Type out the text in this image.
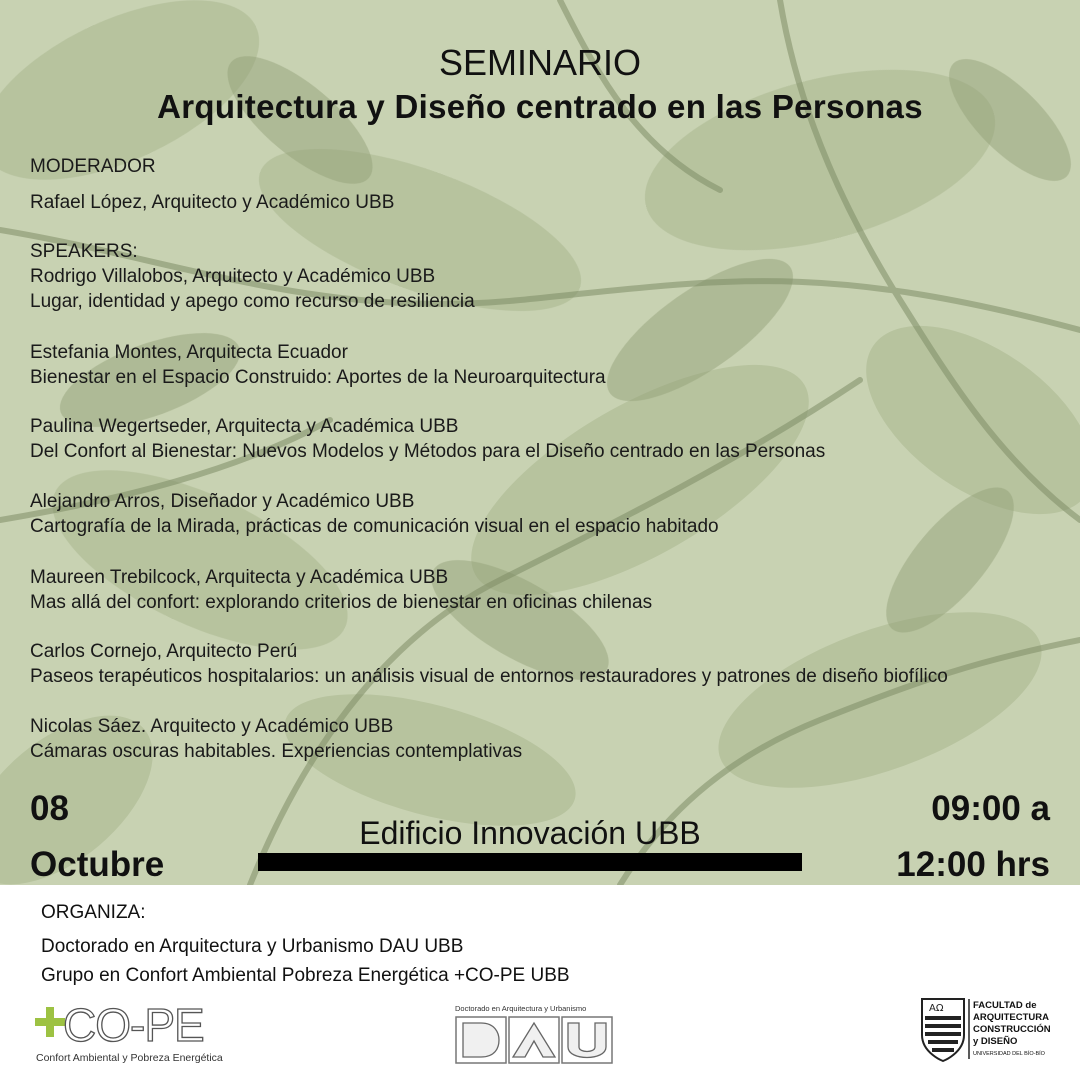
SEMINARIO
Arquitectura y Diseño centrado en las Personas
MODERADOR
Rafael López, Arquitecto y Académico UBB
SPEAKERS:
Rodrigo Villalobos, Arquitecto y Académico UBB
Lugar, identidad y apego como recurso de resiliencia
Estefania Montes, Arquitecta Ecuador
Bienestar en el Espacio Construido: Aportes de la Neuroarquitectura
Paulina Wegertseder, Arquitecta y Académica UBB
Del Confort al Bienestar: Nuevos Modelos y Métodos para el Diseño centrado en las Personas
Alejandro Arros, Diseñador y Académico UBB
Cartografía de la Mirada, prácticas de comunicación visual en el espacio habitado
Maureen Trebilcock, Arquitecta y Académica UBB
Mas allá del confort: explorando criterios de bienestar en oficinas chilenas
Carlos Cornejo, Arquitecto Perú
Paseos terapéuticos hospitalarios: un análisis visual de entornos restauradores y patrones de diseño biofílico
Nicolas Sáez. Arquitecto y Académico UBB
Cámaras oscuras habitables. Experiencias contemplativas
08
Octubre
Edificio Innovación UBB
09:00 a
12:00 hrs
ORGANIZA:
Doctorado en Arquitectura y Urbanismo DAU UBB
Grupo en Confort Ambiental Pobreza Energética +CO-PE UBB
CO-PE
Confort Ambiental y Pobreza Energética
Doctorado en Arquitectura y Urbanismo	AΩ	FACULTAD de
ARQUITECTURA
CONSTRUCCIÓN
y DISEÑO
UNIVERSIDAD DEL BÍO-BÍO
